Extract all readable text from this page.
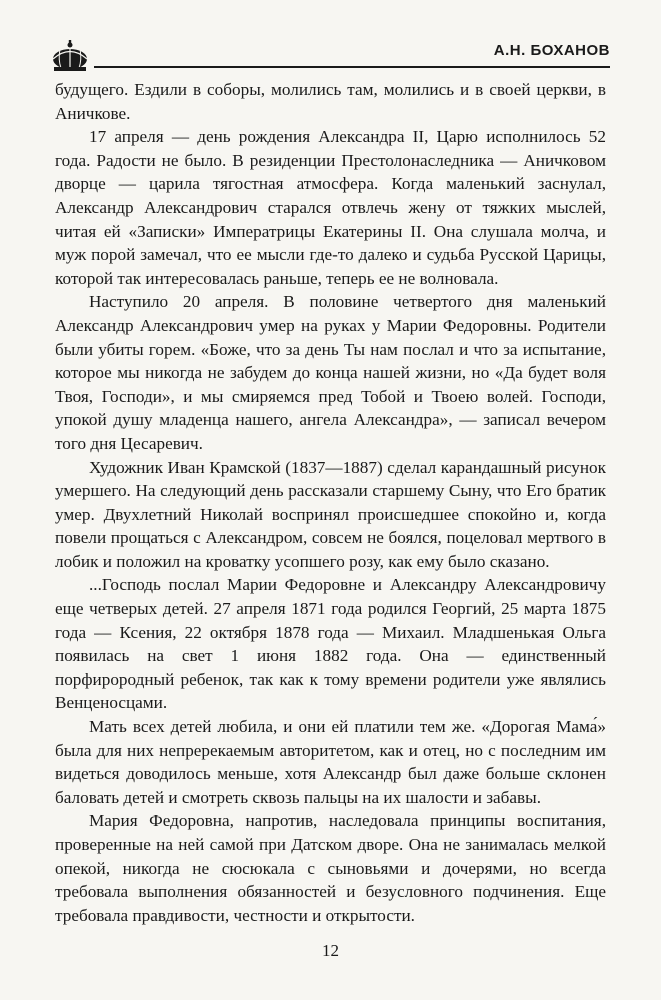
А.Н. БОХАНОВ

будущего. Ездили в соборы, молились там, молились и в своей церкви, в Аничкове.

17 апреля — день рождения Александра II, Царю исполнилось 52 года. Радости не было. В резиденции Престолонаследника — Аничковом дворце — царила тягостная атмосфера. Когда маленький заснулал, Александр Александрович старался отвлечь жену от тяжких мыслей, читая ей «Записки» Императрицы Екатерины II. Она слушала молча, и муж порой замечал, что ее мысли где-то далеко и судьба Русской Царицы, которой так интересовалась раньше, теперь ее не волновала.

Наступило 20 апреля. В половине четвертого дня маленький Александр Александрович умер на руках у Марии Федоровны. Родители были убиты горем. «Боже, что за день Ты нам послал и что за испытание, которое мы никогда не забудем до конца нашей жизни, но «Да будет воля Твоя, Господи», и мы смиряемся пред Тобой и Твоею волей. Господи, упокой душу младенца нашего, ангела Александра», — записал вечером того дня Цесаревич.

Художник Иван Крамской (1837—1887) сделал карандашный рисунок умершего. На следующий день рассказали старшему Сыну, что Его братик умер. Двухлетний Николай воспринял происшедшее спокойно и, когда повели прощаться с Александром, совсем не боялся, поцеловал мертвого в лобик и положил на кроватку усопшего розу, как ему было сказано.

...Господь послал Марии Федоровне и Александру Александровичу еще четверых детей. 27 апреля 1871 года родился Георгий, 25 марта 1875 года — Ксения, 22 октября 1878 года — Михаил. Младшенькая Ольга появилась на свет 1 июня 1882 года. Она — единственный порфирородный ребенок, так как к тому времени родители уже являлись Венценосцами.

Мать всех детей любила, и они ей платили тем же. «Дорогая Мама́» была для них непререкаемым авторитетом, как и отец, но с последним им видеться доводилось меньше, хотя Александр был даже больше склонен баловать детей и смотреть сквозь пальцы на их шалости и забавы.

Мария Федоровна, напротив, наследовала принципы воспитания, проверенные на ней самой при Датском дворе. Она не занималась мелкой опекой, никогда не сюсюкала с сыновьями и дочерями, но всегда требовала выполнения обязанностей и безусловного подчинения. Еще требовала правдивости, честности и открытости.

12
